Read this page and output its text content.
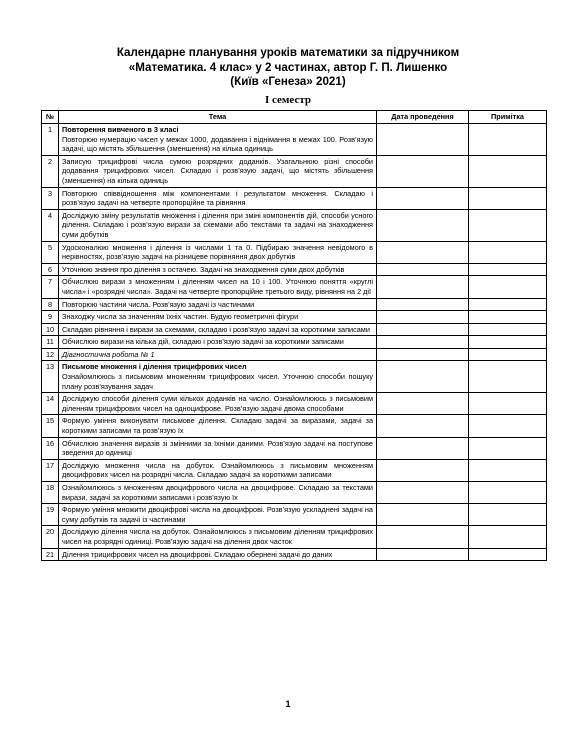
Календарне планування уроків математики за підручником
«Математика. 4 клас» у 2 частинах, автор Г. П. Лишенко
(Київ «Генеза» 2021)
І семестр
№	Тема	Дата проведення	Примітка
1	Повторення вивченого в 3 класі
Повторюю нумерацію чисел у межах 1000, додавання і віднімання в межах 100. Розв’язую задачі, що містять збільшення (зменшення) на кілька одиниць		

2	Записую трицифрові числа сумою розрядних доданків. Узагальнюю різні способи додавання трицифрових чисел. Складаю і розв’язую задачі, що містять збільшення (зменшення) на кілька одиниць		

3	Повторюю співвідношення між компонентами і результатом множення. Складаю і розв’язую задачі на четверте пропорційне та рівняння		

4	Досліджую зміну результатів множення і ділення при зміні компонентів дій, способи усного ділення. Складаю і розв’язую вирази за схемами або текстами та задачі на знаходження суми добутків		

5	Удосконалюю множення і ділення із числами 1 та 0. Підбираю значення невідомого в нерівностях, розв’язую задачі на різницеве порівняння двох добутків		

6	Уточнюю знання про ділення з остачею. Задачі на знаходження суми двох добутків		

7	Обчислюю вирази з множенням і діленням чисел на 10 і 100. Уточнюю поняття «круглі числа» і «розрядні числа». Задачі на четверте пропорційне третього виду, рівняння на 2 дії		

8	Повторюю частини числа. Розв’язую задачі із частинами		

9	Знаходжу числа за значенням їхніх частин. Будую геометричні фігури		

10	Складаю рівняння і вирази за схемами, складаю і розв’язую задачі за короткими записами		

11	Обчислюю вирази на кілька дій, складаю і розв’язую задачі за короткими записами		

12	Діагностична робота № 1		

13	Письмове множення і ділення трицифрових чисел
Ознайомлююсь з письмовим множенням трицифрових чисел. Уточнюю способи пошуку плану розв’язування задач		

14	Досліджую способи ділення суми кількох доданків на число. Ознайомлююсь з письмовим діленням трицифрових чисел на одноцифрове. Розв’язую задачі двома способами		

15	Формую уміння виконувати письмове ділення. Складаю задачі за виразами, задачі за короткими записами та розв’язую їх		

16	Обчислюю значення виразів зі змінними за їхніми даними. Розв’язую задачі на поступове зведення до одиниці		

17	Досліджую множення числа на добуток. Ознайомлююсь з письмовим множенням двоцифрових чисел на розрядні числа. Складаю задачі за короткими записами		

18	Ознайомлююсь з множенням двоцифрового числа на двоцифрове. Складаю за текстами вирази, задачі за короткими записами і розв’язую їх		

19	Формую уміння множити двоцифрові числа на двоцифрові. Розв’язую ускладнені задачі на суму добутків та задачі із частинами		

20	Досліджую ділення числа на добуток. Ознайомлююсь з письмовим діленням трицифрових чисел на розрядні одиниці. Розв’язую задачі на ділення двох часток		

21	Ділення трицифрових чисел на двоцифрові. Складаю обернені задачі до даних		

1
